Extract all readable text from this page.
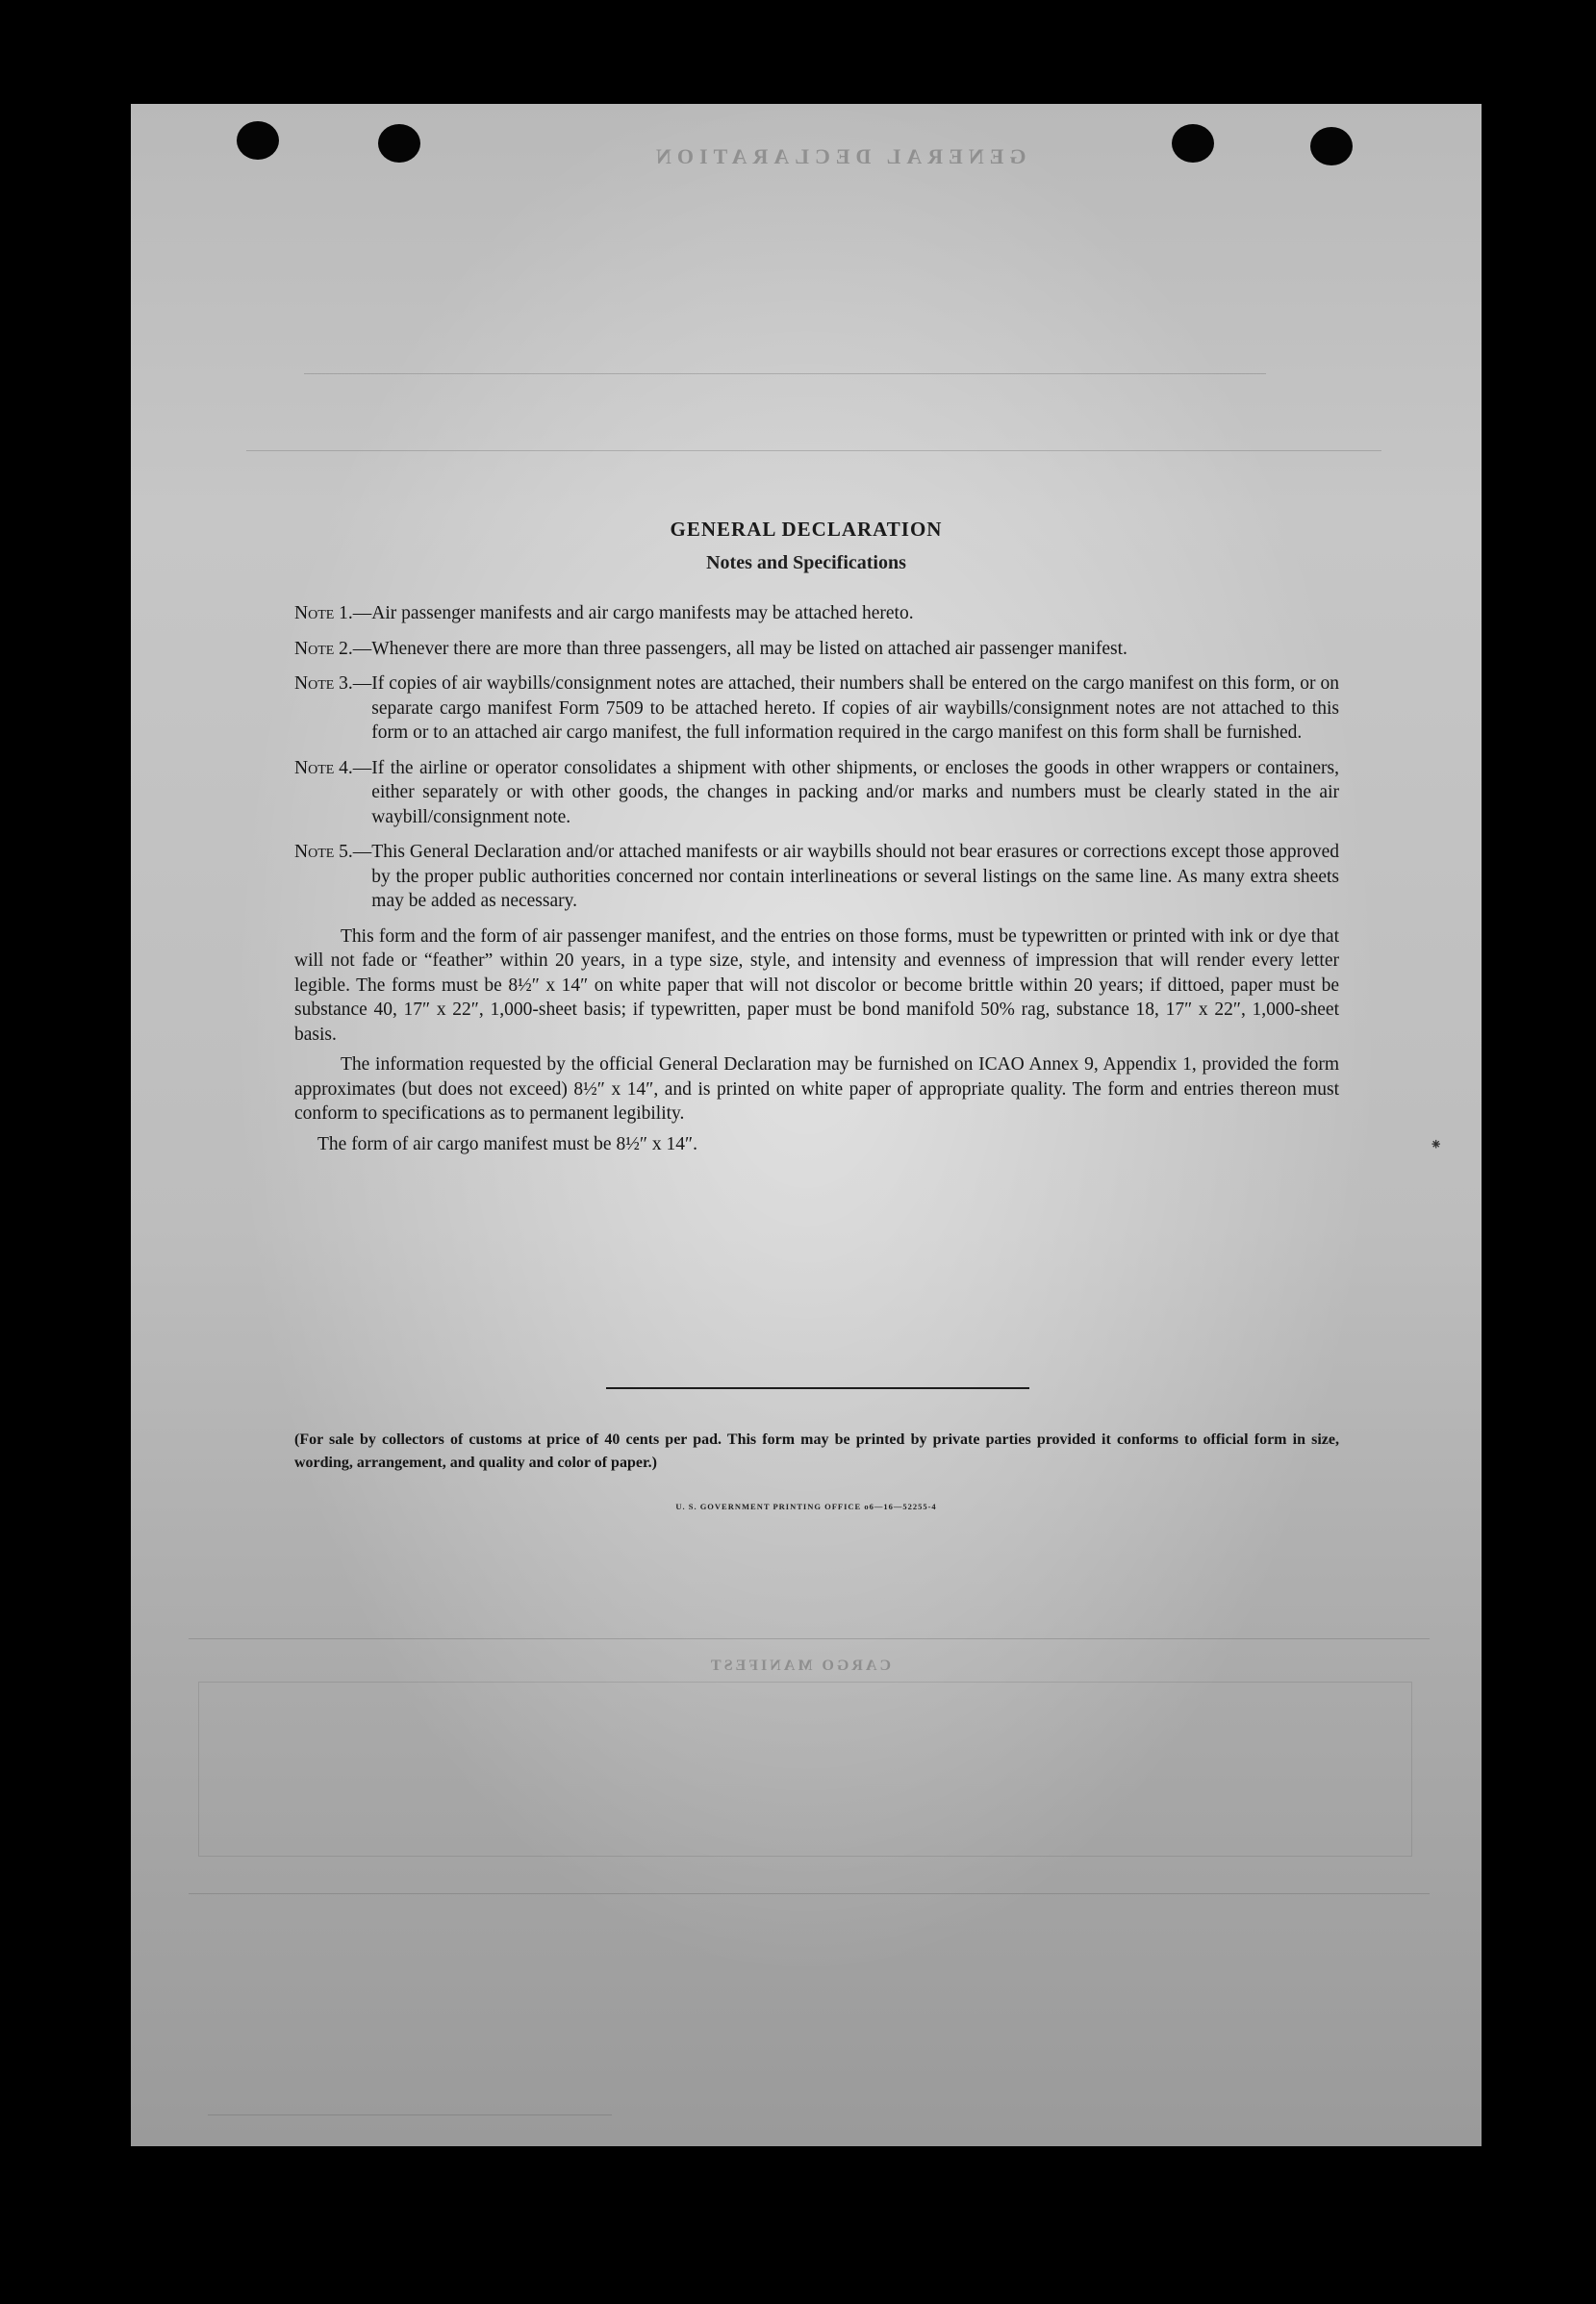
GENERAL DECLARATION
CARGO MANIFEST
⁕
GENERAL DECLARATION
Notes and Specifications
Note 1.— Air passenger manifests and air cargo manifests may be attached hereto.
Note 2.— Whenever there are more than three passengers, all may be listed on attached air passenger manifest.
Note 3.— If copies of air waybills/consignment notes are attached, their numbers shall be entered on the cargo manifest on this form, or on separate cargo manifest Form 7509 to be attached hereto. If copies of air waybills/consignment notes are not attached to this form or to an attached air cargo manifest, the full information required in the cargo manifest on this form shall be furnished.
Note 4.— If the airline or operator consolidates a shipment with other shipments, or encloses the goods in other wrappers or containers, either separately or with other goods, the changes in packing and/or marks and numbers must be clearly stated in the air waybill/consignment note.
Note 5.— This General Declaration and/or attached manifests or air waybills should not bear erasures or corrections except those approved by the proper public authorities concerned nor contain interlineations or several listings on the same line. As many extra sheets may be added as necessary.

This form and the form of air passenger manifest, and the entries on those forms, must be typewritten or printed with ink or dye that will not fade or “feather” within 20 years, in a type size, style, and intensity and evenness of impression that will render every letter legible. The forms must be 8½″ x 14″ on white paper that will not discolor or become brittle within 20 years; if dittoed, paper must be substance 40, 17″ x 22″, 1,000-sheet basis; if typewritten, paper must be bond manifold 50% rag, substance 18, 17″ x 22″, 1,000-sheet basis.

The information requested by the official General Declaration may be furnished on ICAO Annex 9, Appendix 1, provided the form approximates (but does not exceed) 8½″ x 14″, and is printed on white paper of appropriate quality. The form and entries thereon must conform to specifications as to permanent legibility.

The form of air cargo manifest must be 8½″ x 14″.

(For sale by collectors of customs at price of 40 cents per pad. This form may be printed by private parties provided it conforms to official form in size, wording, arrangement, and quality and color of paper.)
U. S. GOVERNMENT PRINTING OFFICE o6—16—52255-4
